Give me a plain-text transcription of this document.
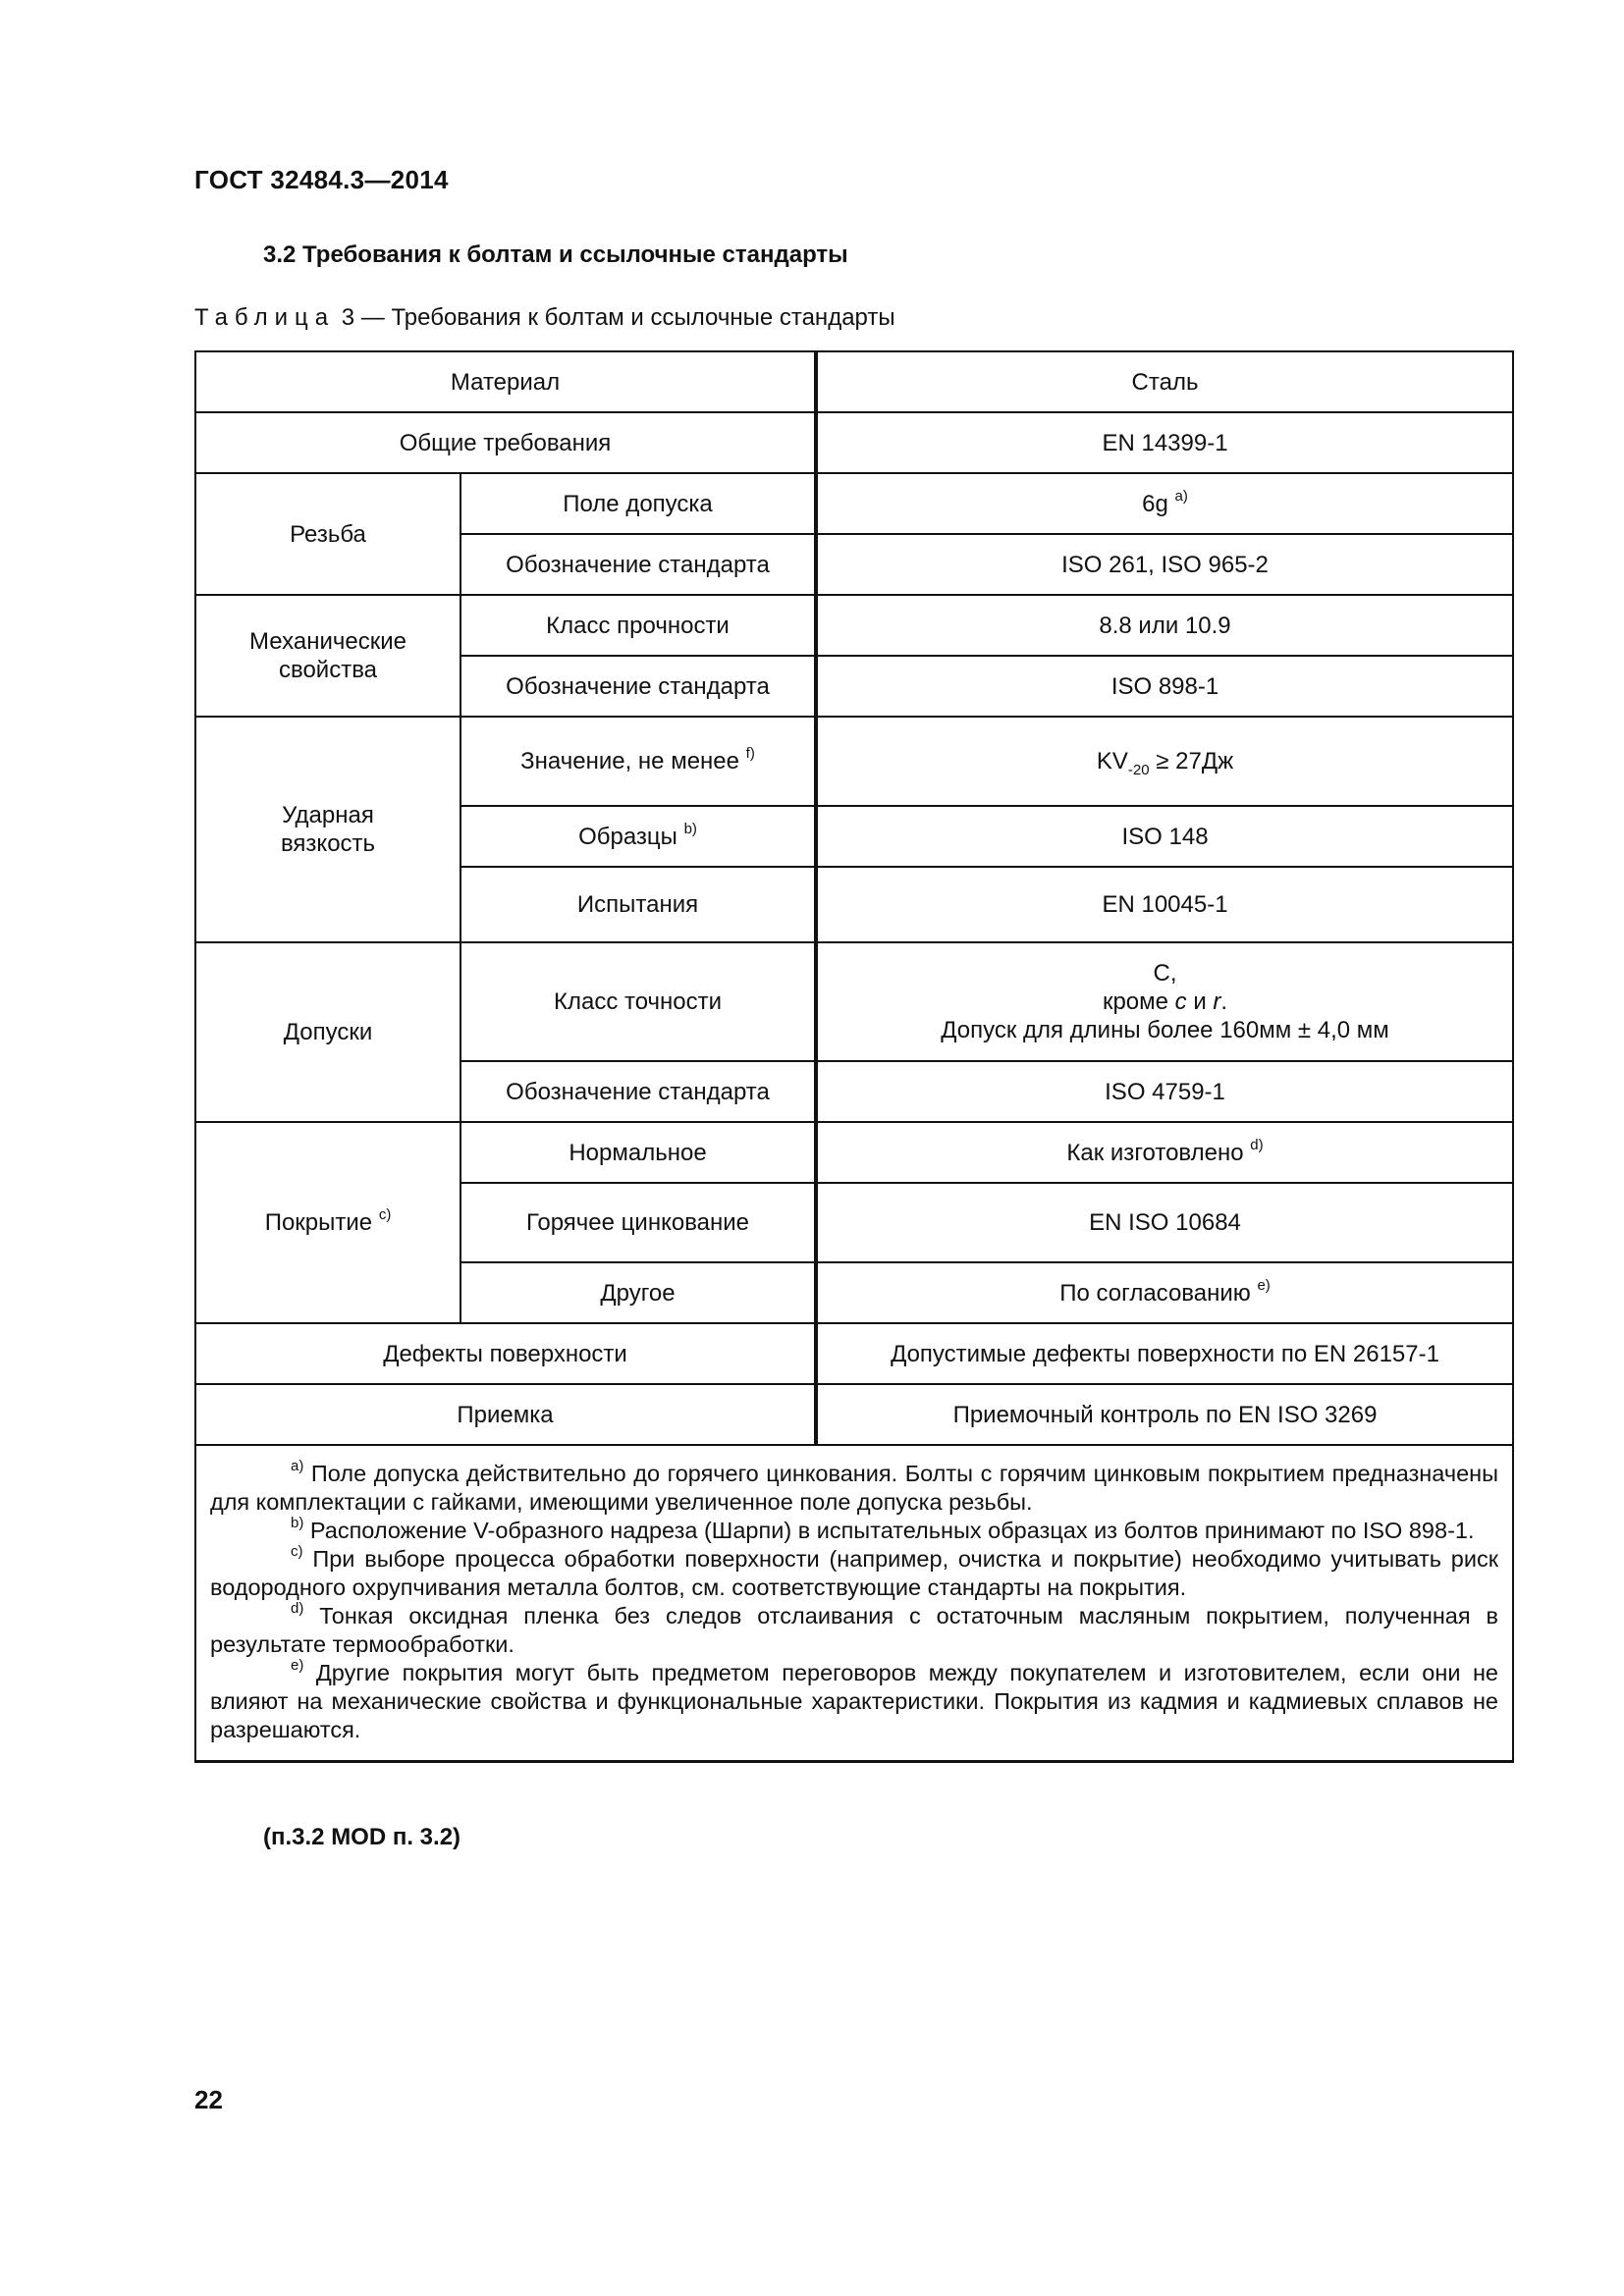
ГОСТ 32484.3—2014
3.2 Требования к болтам и ссылочные стандарты
Таблица 3 — Требования к болтам и ссылочные стандарты
Материал		Сталь
Общие требования		EN 14399-1
Резьба	Поле допуска	6g $^{a)}$
	Обозначение стандарта	ISO 261, ISO 965-2

Механические
свойства	Класс прочности	8.8 или 10.9
	Обозначение стандарта	ISO 898-1

Ударная
вязкость	Значение, не менее $^{f)}$	$KV_{-20} \ge 27Дж$
	Образцы $^{b)}$	ISO 148
	Испытания	EN 10045-1
Допуски	Класс точности	C,
кроме c и r.
Допуск для длины более 160мм ± 4,0 мм

	Обозначение стандарта	ISO 4759-1
Покрытие $^{c)}$	Нормальное	Как изготовлено $^{d)}$
	Горячее цинкование	EN ISO 10684
	Другое	По согласованию $^{e)}$
Дефекты поверхности		Допустимые дефекты поверхности по EN 26157-1
Приемка		Приемочный контроль по EN ISO 3269

$^{a)}$ Поле допуска действительно до горячего цинкования. Болты с горячим цинковым покрытием предназначены для комплектации с гайками, имеющими увеличенное поле допуска резьбы.
$^{b)}$ Расположение V-образного надреза (Шарпи) в испытательных образцах из болтов принимают по ISO 898-1.
$^{c)}$ При выборе процесса обработки поверхности (например, очистка и покрытие) необходимо учитывать риск водородного охрупчивания металла болтов, см. соответствующие стандарты на покрытия.
$^{d)}$ Тонкая оксидная пленка без следов отслаивания с остаточным масляным покрытием, полученная в результате термообработки.
$^{e)}$ Другие покрытия могут быть предметом переговоров между покупателем и изготовителем, если они не влияют на механические свойства и функциональные характеристики. Покрытия из кадмия и кадмиевых сплавов не разрешаются.		
(п.3.2 MOD п. 3.2)
22
